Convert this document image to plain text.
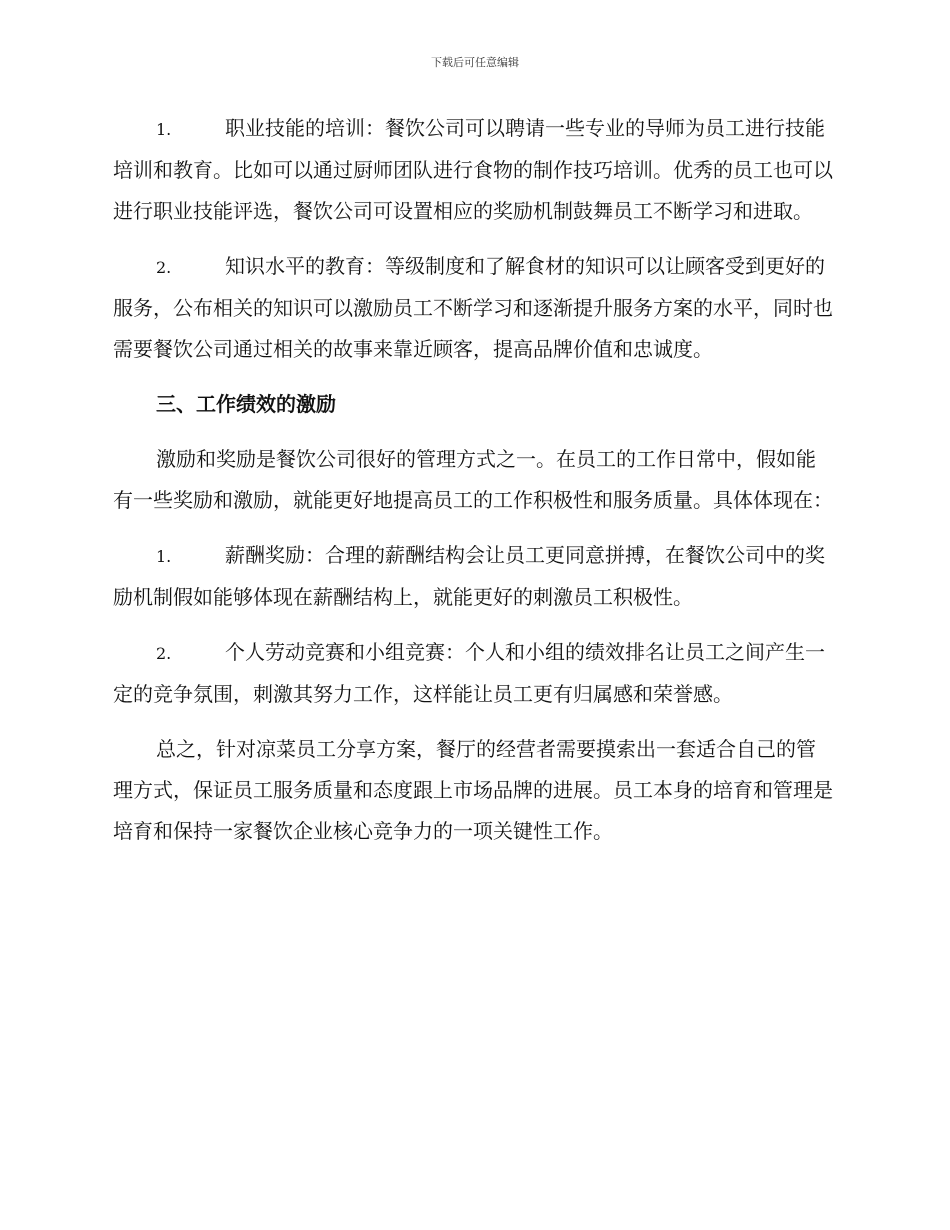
下载后可任意编辑

1.	职业技能的培训：餐饮公司可以聘请一些专业的导师为员工进行技能培训和教育。比如可以通过厨师团队进行食物的制作技巧培训。优秀的员工也可以进行职业技能评选，餐饮公司可设置相应的奖励机制鼓舞员工不断学习和进取。

2.	知识水平的教育：等级制度和了解食材的知识可以让顾客受到更好的服务，公布相关的知识可以激励员工不断学习和逐渐提升服务方案的水平，同时也需要餐饮公司通过相关的故事来靠近顾客，提高品牌价值和忠诚度。

三、工作绩效的激励

激励和奖励是餐饮公司很好的管理方式之一。在员工的工作日常中，假如能有一些奖励和激励，就能更好地提高员工的工作积极性和服务质量。具体体现在：

1.	薪酬奖励：合理的薪酬结构会让员工更同意拼搏，在餐饮公司中的奖励机制假如能够体现在薪酬结构上，就能更好的刺激员工积极性。

2.	个人劳动竞赛和小组竞赛：个人和小组的绩效排名让员工之间产生一定的竞争氛围，刺激其努力工作，这样能让员工更有归属感和荣誉感。

总之，针对凉菜员工分享方案，餐厅的经营者需要摸索出一套适合自己的管理方式，保证员工服务质量和态度跟上市场品牌的进展。员工本身的培育和管理是培育和保持一家餐饮企业核心竞争力的一项关键性工作。
